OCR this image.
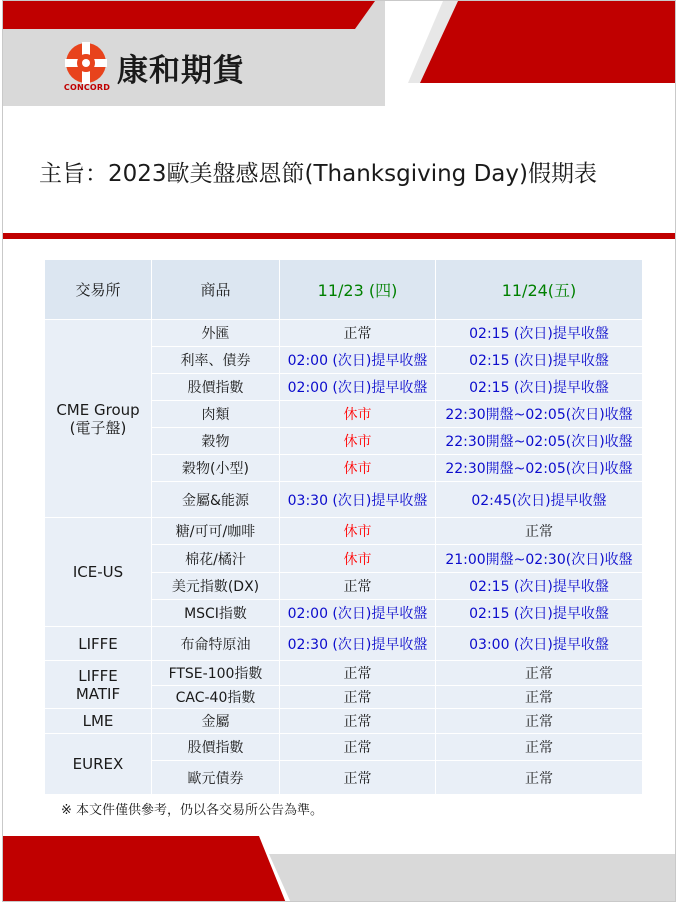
CONCORD 康和期貨
主旨：2023歐美盤感恩節(Thanksgiving Day)假期表
交易所	商品	11/23 (四)	11/24(五)

CME Group
(電子盤)	外匯	正常	02:15 (次日)提早收盤
	利率、債券	02:00 (次日)提早收盤	02:15 (次日)提早收盤
	股價指數	02:00 (次日)提早收盤	02:15 (次日)提早收盤
	肉類	休市	22:30開盤~02:05(次日)收盤
	穀物	休市	22:30開盤~02:05(次日)收盤
	穀物(小型)	休市	22:30開盤~02:05(次日)收盤
	金屬&能源	03:30 (次日)提早收盤	02:45(次日)提早收盤

ICE-US	糖/可可/咖啡	休市	正常
	棉花/橘汁	休市	21:00開盤~02:30(次日)收盤
	美元指數(DX)	正常	02:15 (次日)提早收盤
	MSCI指數	02:00 (次日)提早收盤	02:15 (次日)提早收盤

LIFFE	布侖特原油	02:30 (次日)提早收盤	03:00 (次日)提早收盤

LIFFE
MATIF	FTSE-100指數	正常	正常
	CAC-40指數	正常	正常

LME	金屬	正常	正常

EUREX	股價指數	正常	正常
	歐元債券	正常	正常
※ 本文件僅供參考，仍以各交易所公告為準。
